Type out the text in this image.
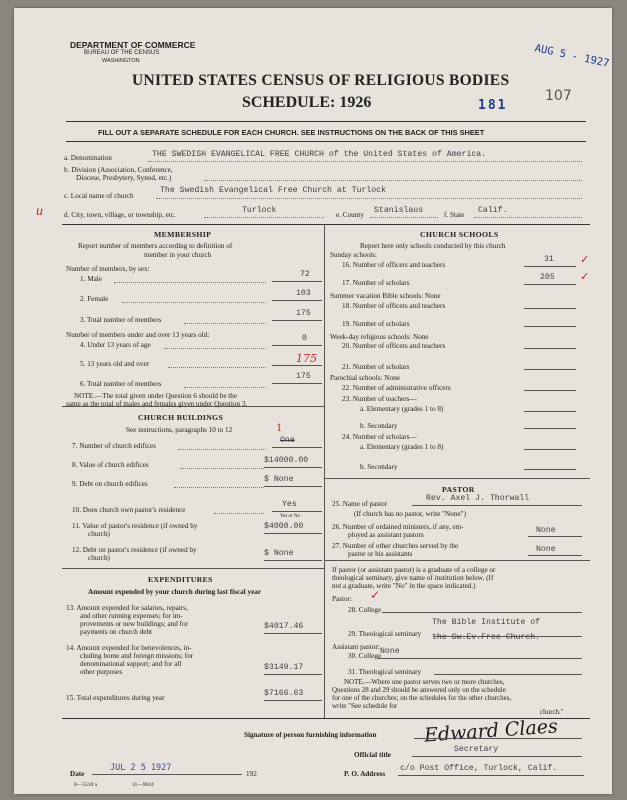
DEPARTMENT OF COMMERCE
BUREAU OF THE CENSUS
WASHINGTON
UNITED STATES CENSUS OF RELIGIOUS BODIES
SCHEDULE: 1926
AUG 5 - 1927
181
107
FILL OUT A SEPARATE SCHEDULE FOR EACH CHURCH. SEE INSTRUCTIONS ON THE BACK OF THIS SHEET
a. Denomination	THE SWEDISH EVANGELICAL FREE CHURCH of the United States of America.
b. Division (Association, Conference,
Diocese, Presbytery, Synod, etc.)
c. Local name of church
The Swedish Evangelical Free Church at Turlock
u	d. City, town, village, or township, etc.	Turlock	e. County Stanislaus	f. State Calif.
MEMBERSHIP
Report number of members according to definition of
member in your church
Number of members, by sex:
1. Male	72
2. Female
103
3. Total number of members
175
Number of members under and over 13 years old:
4. Under 13 years of age
0
5. 13 years old and over	175
6. Total number of members
175
NOTE.—The total given under Question 6 should be the
same as the total of males and females given under Question 3.
CHURCH BUILDINGS
See instructions, paragraphs 10 to 12	1
7. Number of church edifices
One
8. Value of church edifices	$14000.00
9. Debt on church edifices	$ None
10. Does church own pastor's residence
Yes
Yes or No
11. Value of pastor's residence (if owned by
church)
$4000.00
12. Debt on pastor's residence (if owned by
church)	$ None
EXPENDITURES
Amount expended by your church during last fiscal year
13. Amount expended for salaries, repairs,
and other running expenses; for im-
provements or new buildings; and for
payments on church debt
$4017.46
14. Amount expended for benevolences, in-
cluding home and foreign missions; for
denominational support; and for all
other purposes	$3149.17
15. Total expenditures during year	$7166.63
CHURCH SCHOOLS
Report here only schools conducted by this church
Sunday schools:
16. Number of officers and teachers
31 ✓
17. Number of scholars
205 ✓
Summer vacation Bible schools: None
18. Number of officers and teachers
19. Number of scholars
Week-day religious schools: None
20. Number of officers and teachers
21. Number of scholars
Parochial schools: None
22. Number of administrative officers
23. Number of teachers—
a. Elementary (grades 1 to 8)
b. Secondary
24. Number of scholars—
a. Elementary (grades 1 to 8)
b. Secondary
PASTOR
25. Name of pastor
Rev. Axel J. Thorwall
(If church has no pastor, write "None")
26. Number of ordained ministers, if any, em-
ployed as assistant pastors	None
27. Number of other churches served by the
pastor or his assistants	None
If pastor (or assistant pastor) is a graduate of a college or
theological seminary, give name of institution below. (If
not a graduate, write "No" in the space indicated.)
Pastor: ✓
28. College
The Bible Institute of
29. Theological seminary the Sw.Ev.Free Church.
Assistant pastor:
30. College
None
31. Theological seminary
NOTE.—Where one pastor serves two or more churches,
Questions 28 and 29 should be answered only on the schedule
for one of the churches; on the schedules for the other churches,
write "See schedule for
church."
Signature of person furnishing information Edward Claes
Official title
Secretary
Date
JUL 2 5 1927
192	P. O. Address
c/o Post Office, Turlock, Calif.
8—5518 a	11—9024
